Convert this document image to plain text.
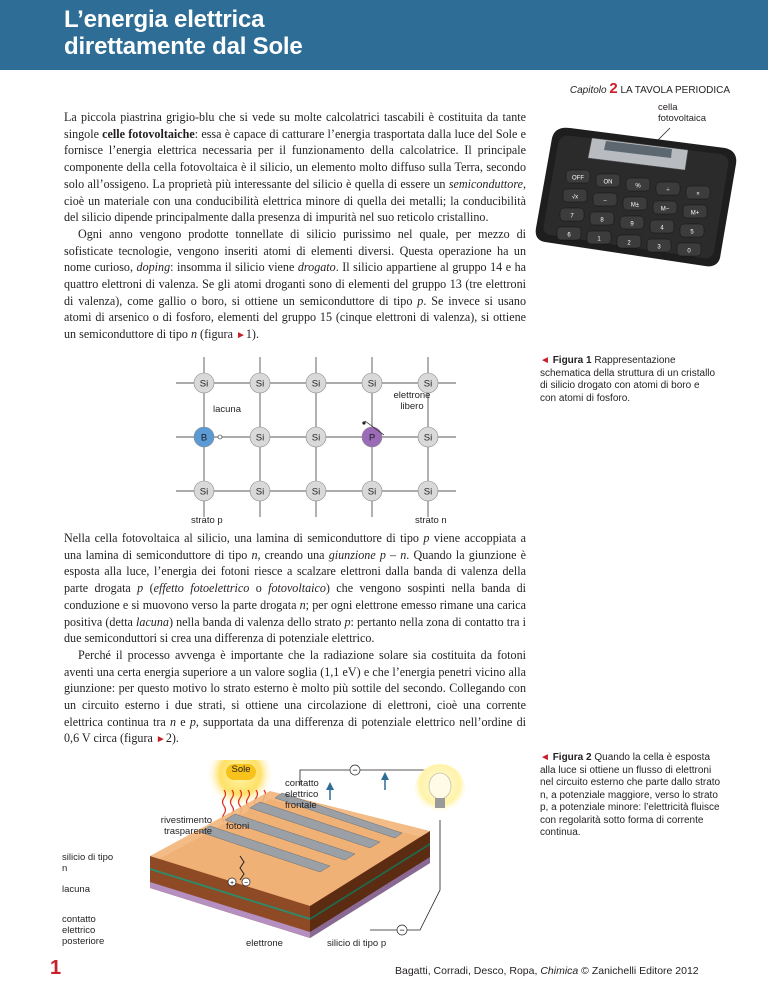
L’energia elettrica
direttamente dal Sole
Capitolo 2 LA TAVOLA PERIODICA
cella
fotovoltaica
OFF
ON
%
÷
×
√x
−
M±
M−
M+
7
8
9
4
5
6
1
2
3
0

La piccola piastrina grigio-blu che si vede su molte calcolatrici tascabili è costituita da tante singole celle fotovoltaiche: essa è capace di catturare l’energia trasportata dalla luce del Sole e fornisce l’energia elettrica necessaria per il funzionamento della calcolatrice. Il principale componente della cella fotovoltaica è il silicio, un elemento molto diffuso sulla Terra, secondo solo all’ossigeno. La proprietà più interessante del silicio è quella di essere un semiconduttore, cioè un materiale con una conducibilità elettrica minore di quella dei metalli; la conducibilità del silicio dipende principalmente dalla presenza di impurità nel suo reticolo cristallino.

Ogni anno vengono prodotte tonnellate di silicio purissimo nel quale, per mezzo di sofisticate tecnologie, vengono inseriti atomi di elementi diversi. Questa operazione ha un nome curioso, doping: insomma il silicio viene drogato. Il silicio appartiene al gruppo 14 e ha quattro elettroni di valenza. Se gli atomi droganti sono di elementi del gruppo 13 (tre elettroni di valenza), come gallio o boro, si ottiene un semiconduttore di tipo p. Se invece si usano atomi di arsenico o di fosforo, elementi del gruppo 15 (cinque elettroni di valenza), si ottiene un semiconduttore di tipo n (figura ►1).

◄ Figura 1 Rappresentazione schematica della struttura di un cristallo di silicio drogato con atomi di boro e con atomi di fosforo.
Si	Si	Si	Si	Si
B	Si	Si	P	Si
Si	Si	Si	Si	Si
lacuna
elettrone libero
strato p	strato n

Nella cella fotovoltaica al silicio, una lamina di semiconduttore di tipo p viene accoppiata a una lamina di semiconduttore di tipo n, creando una giunzione p – n. Quando la giunzione è esposta alla luce, l’energia dei fotoni riesce a scalzare elettroni dalla banda di valenza della parte drogata p (effetto fotoelettrico o fotovoltaico) che vengono sospinti nella banda di conduzione e si muovono verso la parte drogata n; per ogni elettrone emesso rimane una carica positiva (detta lacuna) nella banda di valenza dello strato p: pertanto nella zona di contatto tra i due semiconduttori si crea una differenza di potenziale elettrico.

Perché il processo avvenga è importante che la radiazione solare sia costituita da fotoni aventi una certa energia superiore a un valore soglia (1,1 eV) e che l’energia penetri vicino alla giunzione: per questo motivo lo strato esterno è molto più sottile del secondo. Collegando con un circuito esterno i due strati, si ottiene una circolazione di elettroni, cioè una corrente elettrica continua tra n e p, supportata da una differenza di potenziale elettrico nell’ordine di 0,6 V circa (figura ►2).

◄ Figura 2 Quando la cella è esposta alla luce si ottiene un flusso di elettroni nel circuito esterno che parte dallo strato n, a potenziale maggiore, verso lo strato p, a potenziale minore: l’elettricità fluisce con regolarità sotto forma di corrente continua.
−
−
+ −
Sole
contatto elettrico frontale
rivestimento trasparente fotoni
silicio di tipo n
lacuna
contatto elettrico posteriore	elettrone	silicio di tipo p
1	Bagatti, Corradi, Desco, Ropa, Chimica © Zanichelli Editore 2012
